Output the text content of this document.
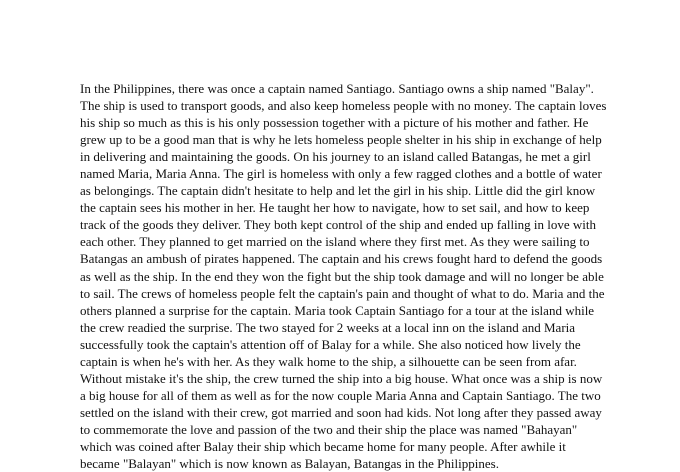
In the Philippines, there was once a captain named Santiago. Santiago owns a ship named "Balay".
The ship is used to transport goods, and also keep homeless people with no money. The captain loves
his ship so much as this is his only possession together with a picture of his mother and father. He
grew up to be a good man that is why he lets homeless people shelter in his ship in exchange of help
in delivering and maintaining the goods. On his journey to an island called Batangas, he met a girl
named Maria, Maria Anna. The girl is homeless with only a few ragged clothes and a bottle of water
as belongings. The captain didn't hesitate to help and let the girl in his ship. Little did the girl know
the captain sees his mother in her. He taught her how to navigate, how to set sail, and how to keep
track of the goods they deliver. They both kept control of the ship and ended up falling in love with
each other. They planned to get married on the island where they first met. As they were sailing to
Batangas an ambush of pirates happened. The captain and his crews fought hard to defend the goods
as well as the ship. In the end they won the fight but the ship took damage and will no longer be able
to sail. The crews of homeless people felt the captain's pain and thought of what to do. Maria and the
others planned a surprise for the captain. Maria took Captain Santiago for a tour at the island while
the crew readied the surprise. The two stayed for 2 weeks at a local inn on the island and Maria
successfully took the captain's attention off of Balay for a while. She also noticed how lively the
captain is when he's with her. As they walk home to the ship, a silhouette can be seen from afar.
Without mistake it's the ship, the crew turned the ship into a big house. What once was a ship is now
a big house for all of them as well as for the now couple Maria Anna and Captain Santiago. The two
settled on the island with their crew, got married and soon had kids. Not long after they passed away
to commemorate the love and passion of the two and their ship the place was named "Bahayan"
which was coined after Balay their ship which became home for many people. After awhile it
became "Balayan" which is now known as Balayan, Batangas in the Philippines.
